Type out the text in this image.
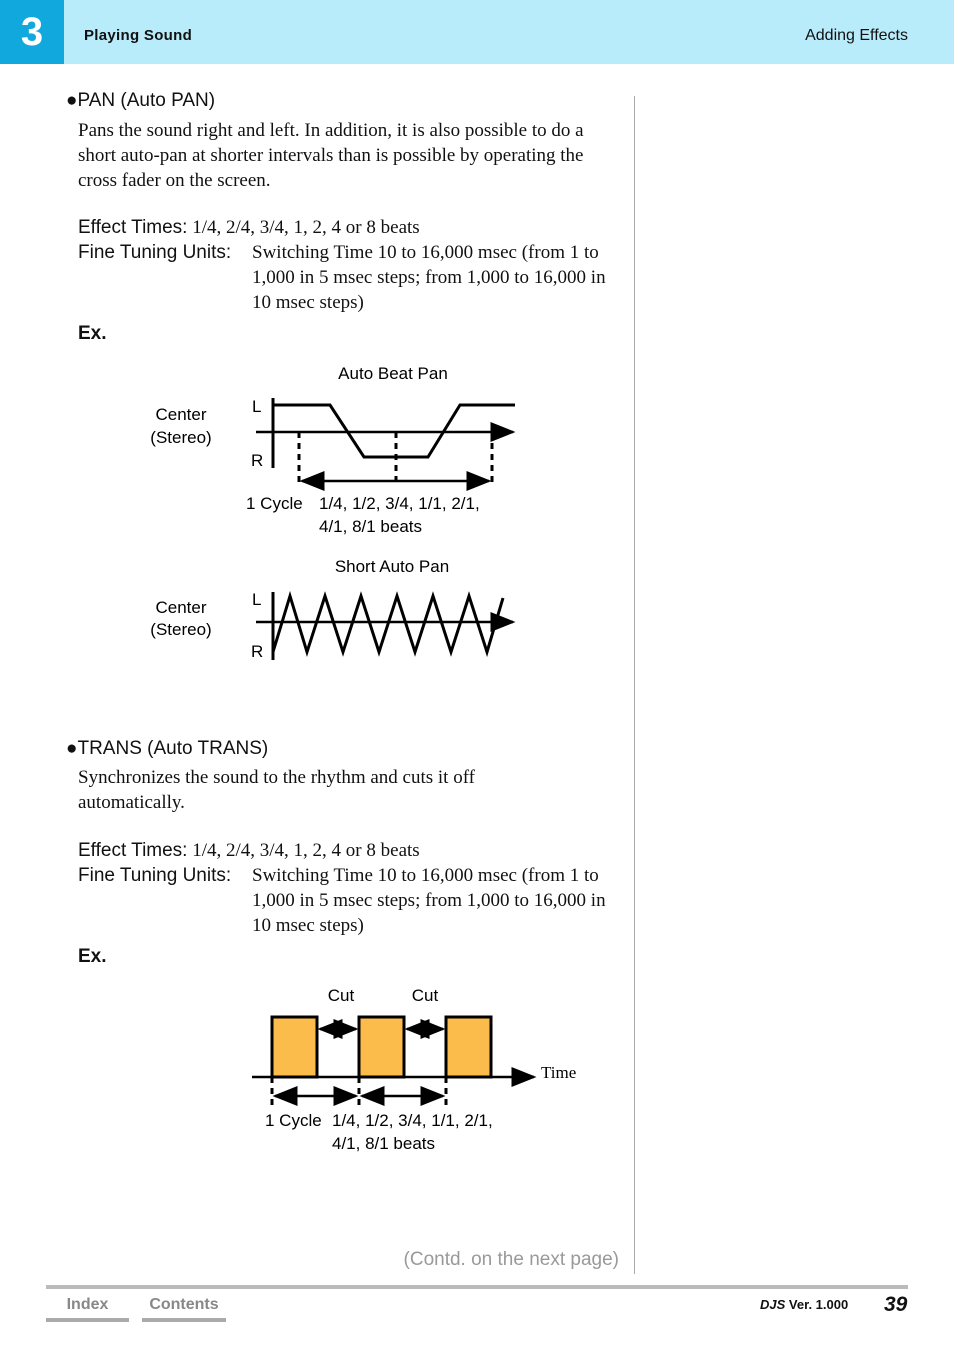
3	Playing Sound	Adding Effects
●PAN (Auto PAN)
Pans the sound right and left. In addition, it is also possible to do a short auto-pan at shorter intervals than is possible by operating the cross fader on the screen.
Effect Times: 1/4, 2/4, 3/4, 1, 2, 4 or 8 beats
Fine Tuning Units: Switching Time 10 to 16,000 msec (from 1 to 1,000 in 5 msec steps; from 1,000 to 16,000 in 10 msec steps)
Ex.
Auto Beat Pan
Center
(Stereo)
L
R
1 Cycle 1/4, 1/2, 3/4, 1/1, 2/1,
4/1, 8/1 beats
Short Auto Pan
Center
(Stereo)
L
R
●TRANS (Auto TRANS)
Synchronizes the sound to the rhythm and cuts it off automatically.
Effect Times: 1/4, 2/4, 3/4, 1, 2, 4 or 8 beats
Fine Tuning Units: Switching Time 10 to 16,000 msec (from 1 to 1,000 in 5 msec steps; from 1,000 to 16,000 in 10 msec steps)
Ex.
Cut	Cut
Time
1 Cycle 1/4, 1/2, 3/4, 1/1, 2/1,
4/1, 8/1 beats
(Contd. on the next page)
Index	Contents	DJS Ver. 1.000 39
